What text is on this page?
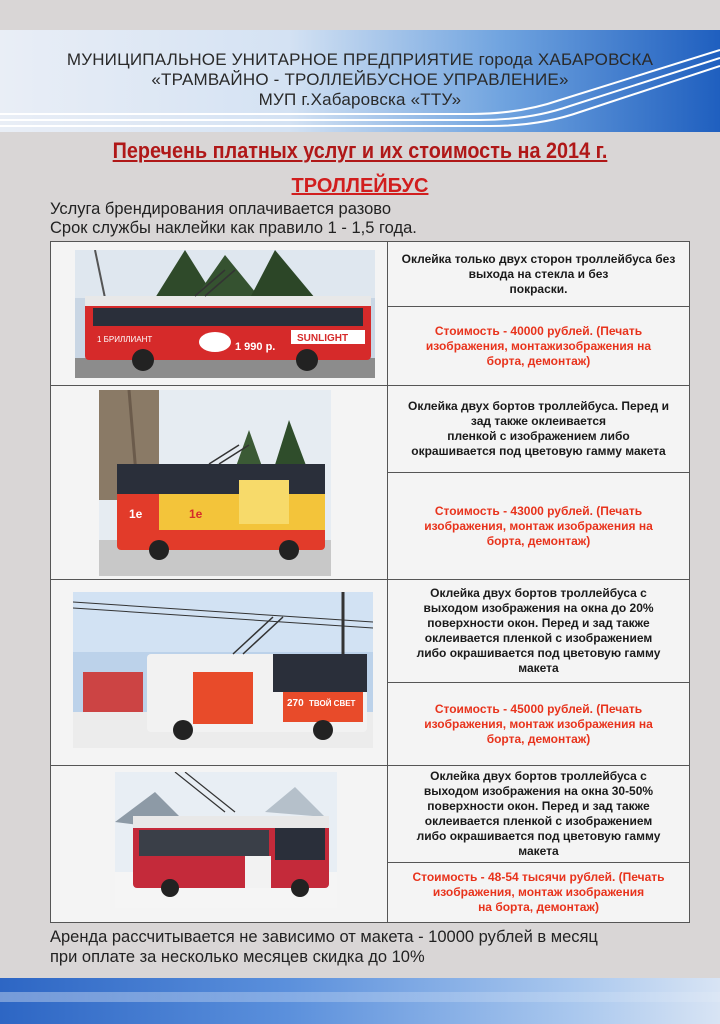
МУНИЦИПАЛЬНОЕ УНИТАРНОЕ ПРЕДПРИЯТИЕ города ХАБАРОВСКА
«ТРАМВАЙНО - ТРОЛЛЕЙБУСНОЕ УПРАВЛЕНИЕ»
МУП г.Хабаровска «ТТУ»
Перечень платных услуг и их стоимость на 2014 г.
ТРОЛЛЕЙБУС
Услуга брендирования оплачивается разово
Срок службы наклейки как правило 1 - 1,5 года.
1 БРИЛЛИАНТ
1 990 р.
SUNLIGHT
Оклейка только двух сторон троллейбуса без
выхода на стекла и без
покраски.
Стоимость - 40000 рублей. (Печать
изображения, монтажизображения на
борта, демонтаж)
1e	1e
Оклейка двух бортов троллейбуса. Перед и
зад также оклеивается
пленкой с изображением либо
окрашивается под цветовую гамму макета
Стоимость - 43000 рублей. (Печать
изображения, монтаж изображения на
борта, демонтаж)
270 ТВОЙ СВЕТ
Оклейка двух бортов троллейбуса с
выходом изображения на окна до 20%
поверхности окон. Перед и зад также
оклеивается пленкой с изображением
либо окрашивается под цветовую гамму
макета
Стоимость - 45000 рублей. (Печать
изображения, монтаж изображения на
борта, демонтаж)
Оклейка двух бортов троллейбуса с
выходом изображения на окна 30-50%
поверхности окон. Перед и зад также
оклеивается пленкой с изображением
либо окрашивается под цветовую гамму
макета
Стоимость - 48-54 тысячи рублей. (Печать
изображения, монтаж изображения
на борта, демонтаж)
Аренда рассчитывается не зависимо от макета - 10000 рублей в месяц
при оплате за несколько месяцев скидка до 10%
